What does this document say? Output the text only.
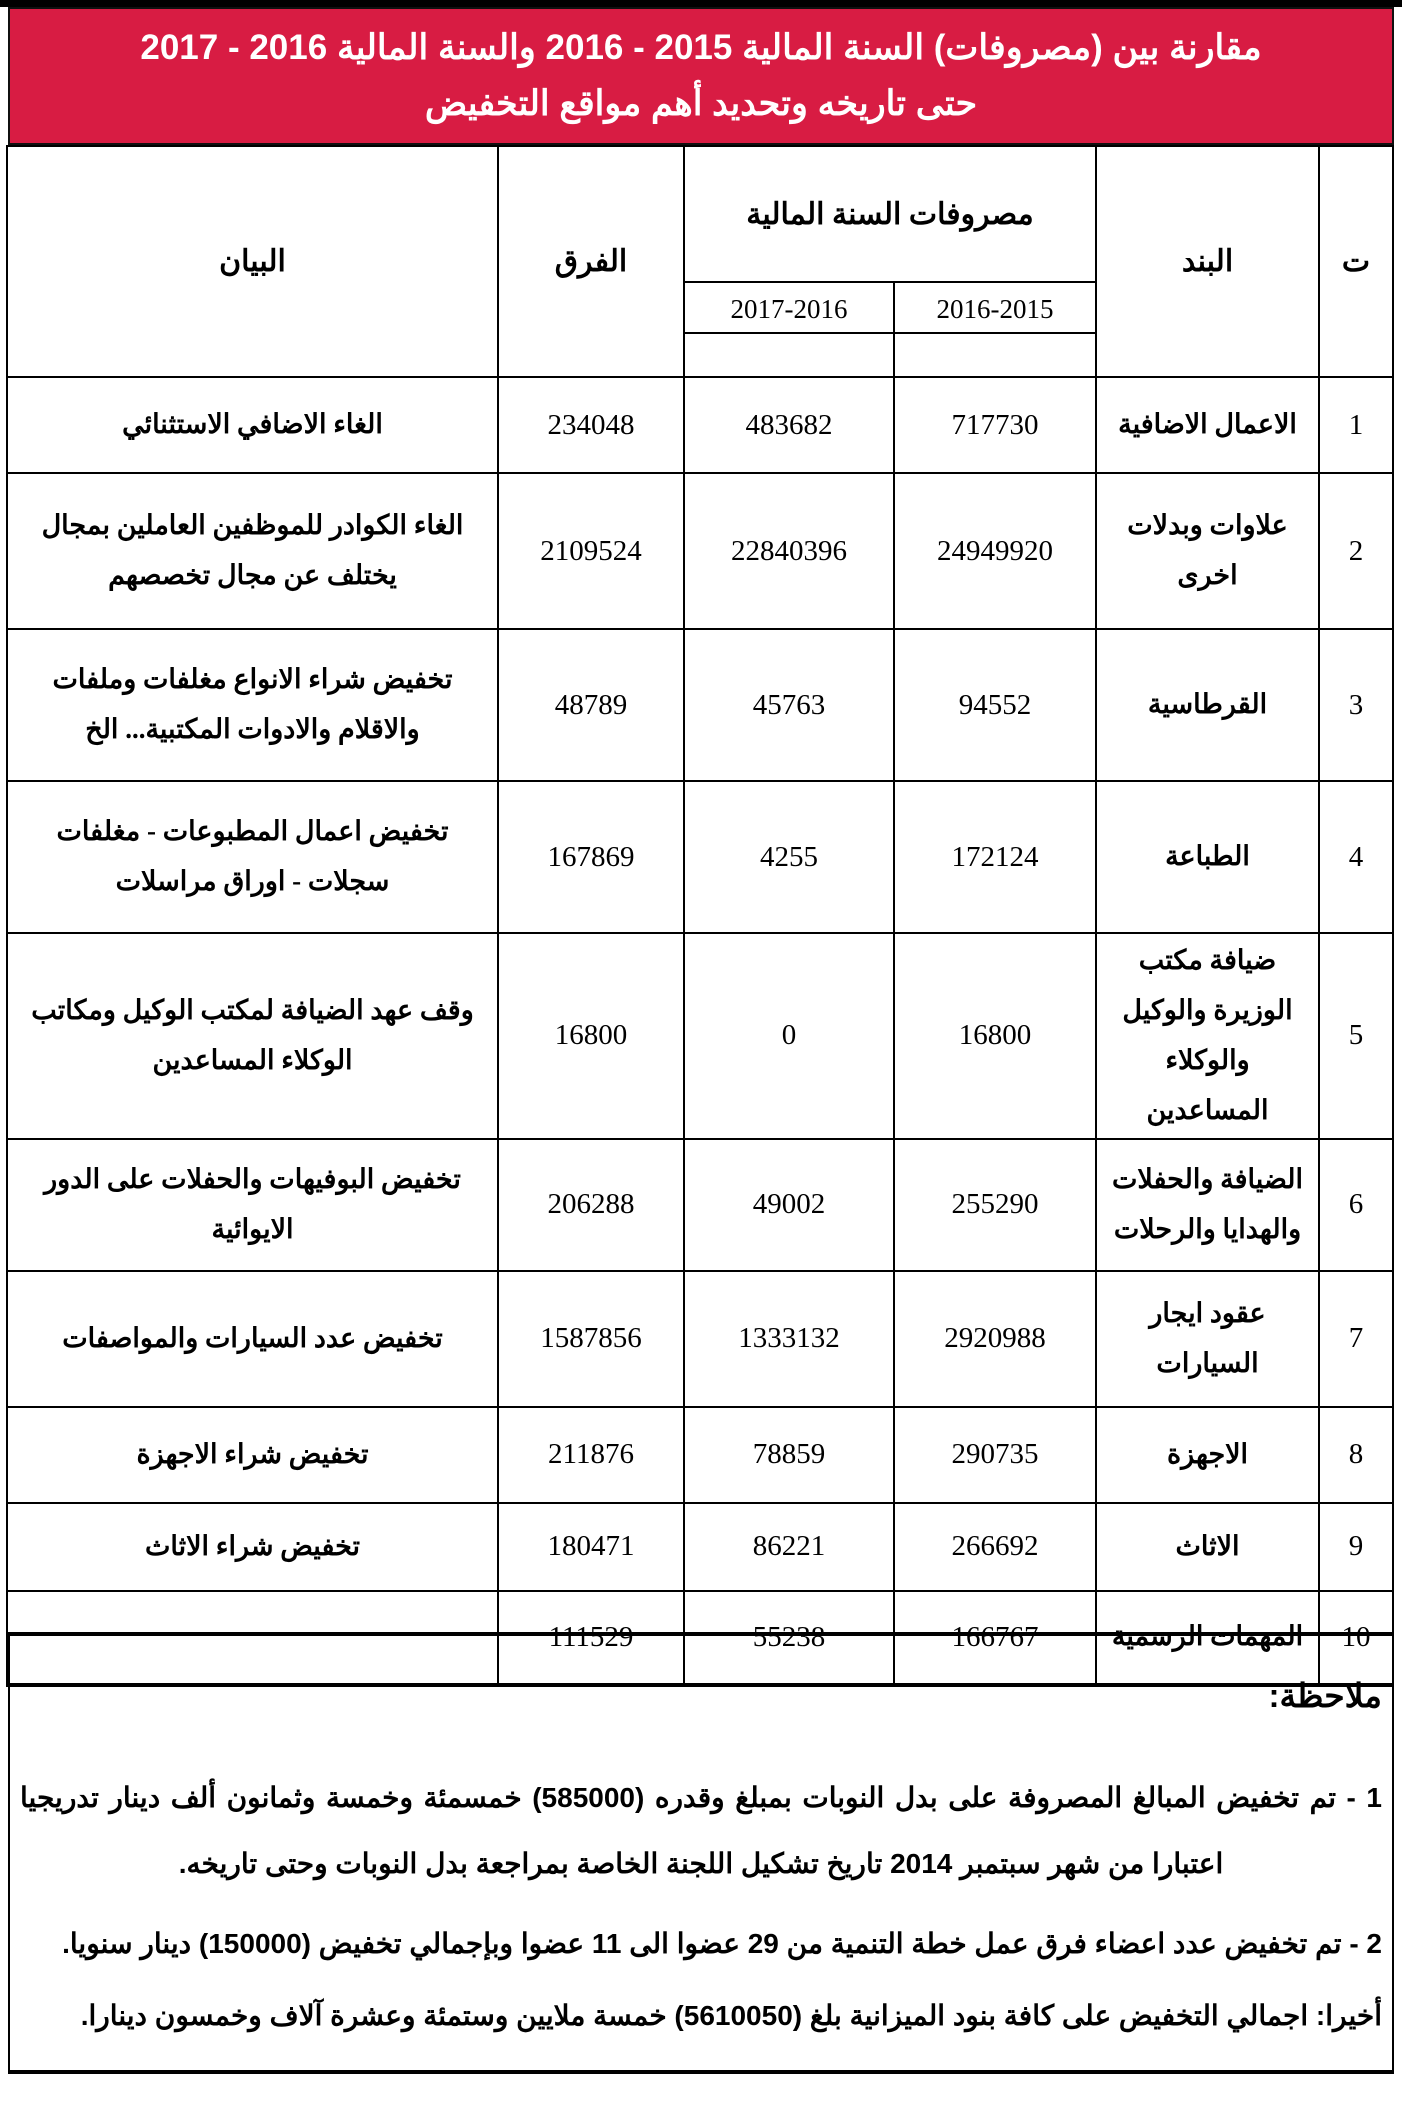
مقارنة بين (مصروفات) السنة المالية 2015 - 2016 والسنة المالية 2016 - 2017
حتى تاريخه وتحديد أهم مواقع التخفيض
ت	البند	مصروفات السنة المالية		الفرق	البيان
		2016-2015	2017-2016		
1	الاعمال الاضافية	717730	483682	234048	الغاء الاضافي الاستثنائي
2	علاوات وبدلات اخرى	24949920	22840396	2109524	الغاء الكوادر للموظفين العاملين بمجال يختلف عن مجال تخصصهم
3	القرطاسية	94552	45763	48789	تخفيض شراء الانواع مغلفات وملفات والاقلام والادوات المكتبية... الخ
4	الطباعة	172124	4255	167869	تخفيض اعمال المطبوعات - مغلفات سجلات - اوراق مراسلات
5	ضيافة مكتب الوزيرة والوكيل والوكلاء المساعدين	16800	0	16800	وقف عهد الضيافة لمكتب الوكيل ومكاتب الوكلاء المساعدين
6	الضيافة والحفلات والهدايا والرحلات	255290	49002	206288	تخفيض البوفيهات والحفلات على الدور الايوائية
7	عقود ايجار السيارات	2920988	1333132	1587856	تخفيض عدد السيارات والمواصفات
8	الاجهزة	290735	78859	211876	تخفيض شراء الاجهزة
9	الاثاث	266692	86221	180471	تخفيض شراء الاثاث
10	المهمات الرسمية	166767	55238	111529	
ملاحظة:

1 - تم تخفيض المبالغ المصروفة على بدل النوبات بمبلغ وقدره (585000) خمسمئة وخمسة وثمانون ألف دينار تدريجيا اعتبارا من شهر سبتمبر 2014 تاريخ تشكيل اللجنة الخاصة بمراجعة بدل النوبات وحتى تاريخه.

2 - تم تخفيض عدد اعضاء فرق عمل خطة التنمية من 29 عضوا الى 11 عضوا وبإجمالي تخفيض (150000) دينار سنويا.

أخيرا: اجمالي التخفيض على كافة بنود الميزانية بلغ (5610050) خمسة ملايين وستمئة وعشرة آلاف وخمسون دينارا.
